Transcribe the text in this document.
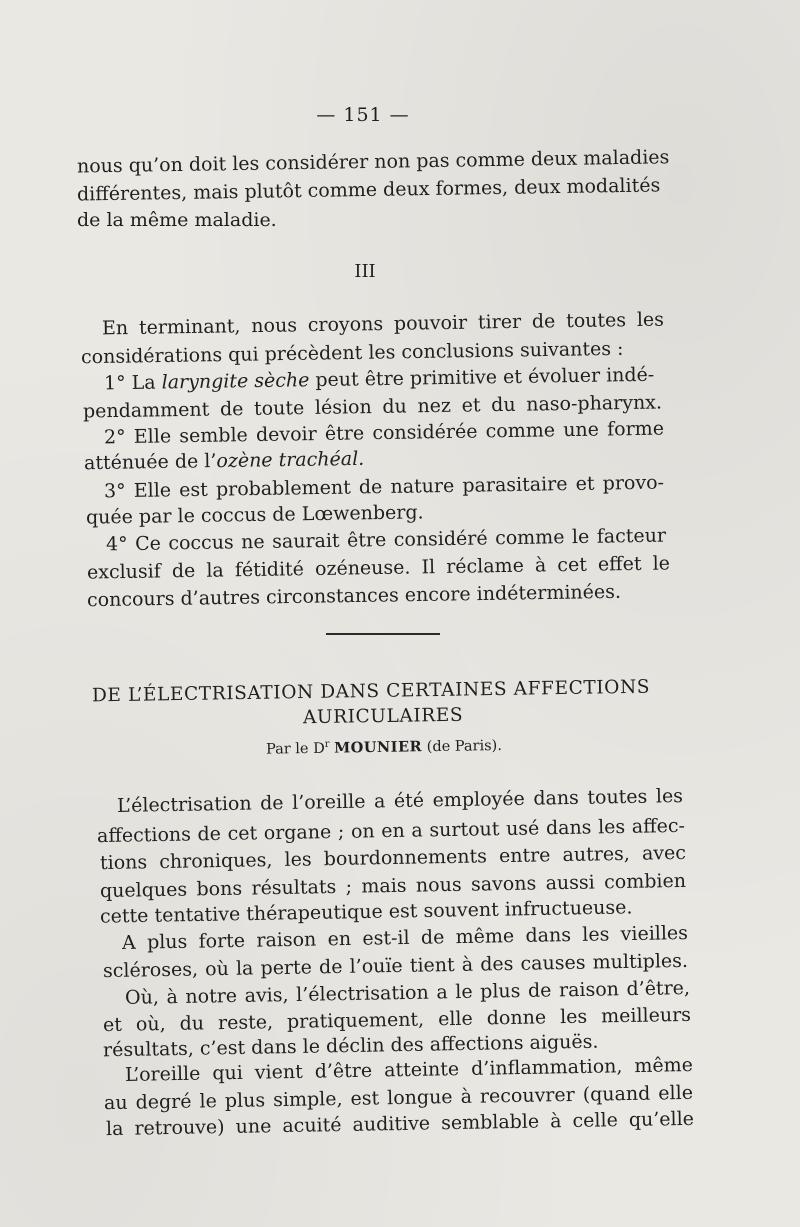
— 151 —
nous qu’on doit les considérer non pas comme deux maladies
différentes, mais plutôt comme deux formes, deux modalités
de la même maladie.
III
En terminant, nous croyons pouvoir tirer de toutes les
considérations qui précèdent les conclusions suivantes :
1° La laryngite sèche peut être primitive et évoluer indé-
pendamment de toute lésion du nez et du naso-pharynx.
2° Elle semble devoir être considérée comme une forme
atténuée de l’ozène trachéal.
3° Elle est probablement de nature parasitaire et provo-
quée par le coccus de Lœwenberg.
4° Ce coccus ne saurait être considéré comme le facteur
exclusif de la fétidité ozéneuse. Il réclame à cet effet le
concours d’autres circonstances encore indéterminées.
DE L’ÉLECTRISATION DANS CERTAINES AFFECTIONS
AURICULAIRES
Par le $D^r$ MOUNIER (de Paris).
L’électrisation de l’oreille a été employée dans toutes les
affections de cet organe ; on en a surtout usé dans les affec-
tions chroniques, les bourdonnements entre autres, avec
quelques bons résultats ; mais nous savons aussi combien
cette tentative thérapeutique est souvent infructueuse.
A plus forte raison en est-il de même dans les vieilles
scléroses, où la perte de l’ouïe tient à des causes multiples.
Où, à notre avis, l’électrisation a le plus de raison d’être,
et où, du reste, pratiquement, elle donne les meilleurs
résultats, c’est dans le déclin des affections aiguës.
L’oreille qui vient d’être atteinte d’inflammation, même
au degré le plus simple, est longue à recouvrer (quand elle
la retrouve) une acuité auditive semblable à celle qu’elle
